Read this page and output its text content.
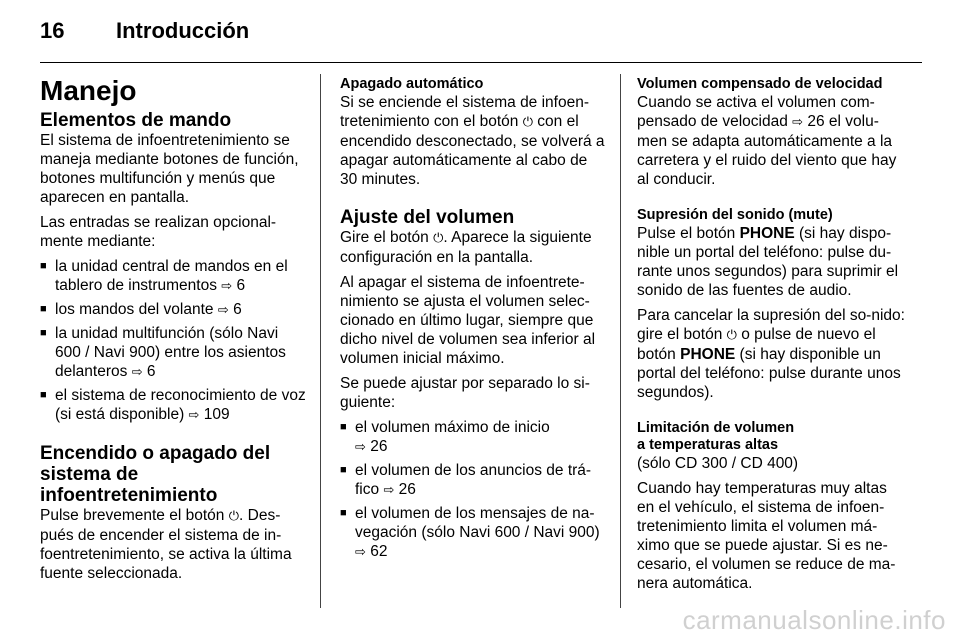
16 Introducción
Manejo
Elementos de mando

El sistema de infoentretenimiento se maneja mediante botones de función, botones multifunción y menús que aparecen en pantalla.

Las entradas se realizan opcional-mente mediante:

■ la unidad central de mandos en el tablero de instrumentos ⇨ 6
■ los mandos del volante ⇨ 6
■ la unidad multifunción (sólo Navi 600 / Navi 900) entre los asientos delanteros ⇨ 6
■ el sistema de reconocimiento de voz (si está disponible) ⇨ 109
Encendido o apagado del sistema de infoentretenimiento

Pulse brevemente el botón ⏻. Des-pués de encender el sistema de in-foentretenimiento, se activa la última fuente seleccionada.

Apagado automático

Si se enciende el sistema de infoen-tretenimiento con el botón ⏻ con el encendido desconectado, se volverá a apagar automáticamente al cabo de 30 minutes.

Ajuste del volumen

Gire el botón ⏻. Aparece la siguiente configuración en la pantalla.

Al apagar el sistema de infoentrete-nimiento se ajusta el volumen selec-cionado en último lugar, siempre que dicho nivel de volumen sea inferior al volumen inicial máximo.

Se puede ajustar por separado lo si-guiente:

■ el volumen máximo de inicio
⇨ 26
■ el volumen de los anuncios de trá-fico ⇨ 26
■ el volumen de los mensajes de na-vegación (sólo Navi 600 / Navi 900) ⇨ 62
Volumen compensado de velocidad

Cuando se activa el volumen com-pensado de velocidad ⇨ 26 el volu-men se adapta automáticamente a la carretera y el ruido del viento que hay al conducir.

Supresión del sonido (mute)

Pulse el botón PHONE (si hay dispo-nible un portal del teléfono: pulse du-rante unos segundos) para suprimir el sonido de las fuentes de audio.

Para cancelar la supresión del so-nido: gire el botón ⏻ o pulse de nuevo el botón PHONE (si hay disponible un portal del teléfono: pulse durante unos segundos).

Limitación de volumen
a temperaturas altas

(sólo CD 300 / CD 400)

Cuando hay temperaturas muy altas en el vehículo, el sistema de infoen-tretenimiento limita el volumen má-ximo que se puede ajustar. Si es ne-cesario, el volumen se reduce de ma-nera automática.

carmanualsonline.info
